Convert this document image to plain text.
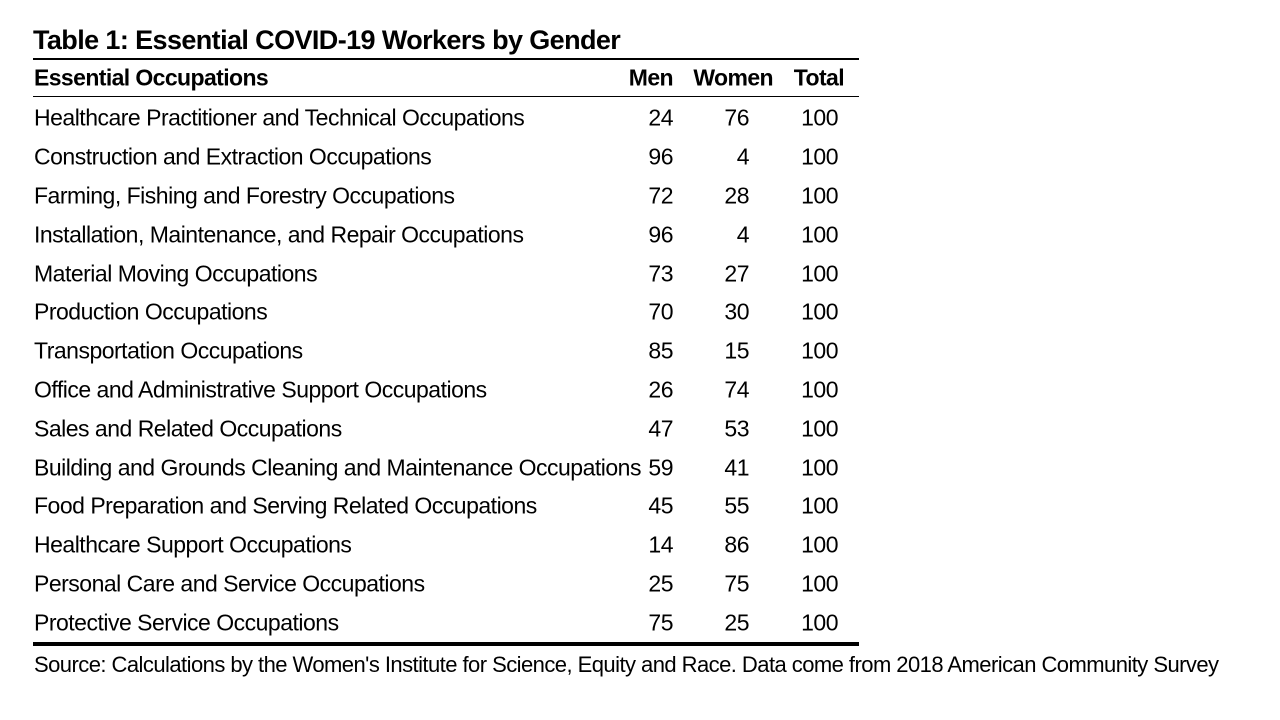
Table 1: Essential COVID-19 Workers by Gender
Essential Occupations	Men Women Total
Healthcare Practitioner and Technical Occupations	24 76 100
Construction and Extraction Occupations	96	4 100
Farming, Fishing and Forestry Occupations	72 28 100
Installation, Maintenance, and Repair Occupations	96	4 100
Material Moving Occupations	73 27 100
Production Occupations	70 30 100
Transportation Occupations	85 15 100
Office and Administrative Support Occupations	26 74 100
Sales and Related Occupations	47 53 100
Building and Grounds Cleaning and Maintenance Occupations 59 41 100
Food Preparation and Serving Related Occupations	45 55 100
Healthcare Support Occupations	14 86 100
Personal Care and Service Occupations	25 75 100
Protective Service Occupations	75 25 100
Source: Calculations by the Women's Institute for Science, Equity and Race. Data come from 2018 American Community Survey
